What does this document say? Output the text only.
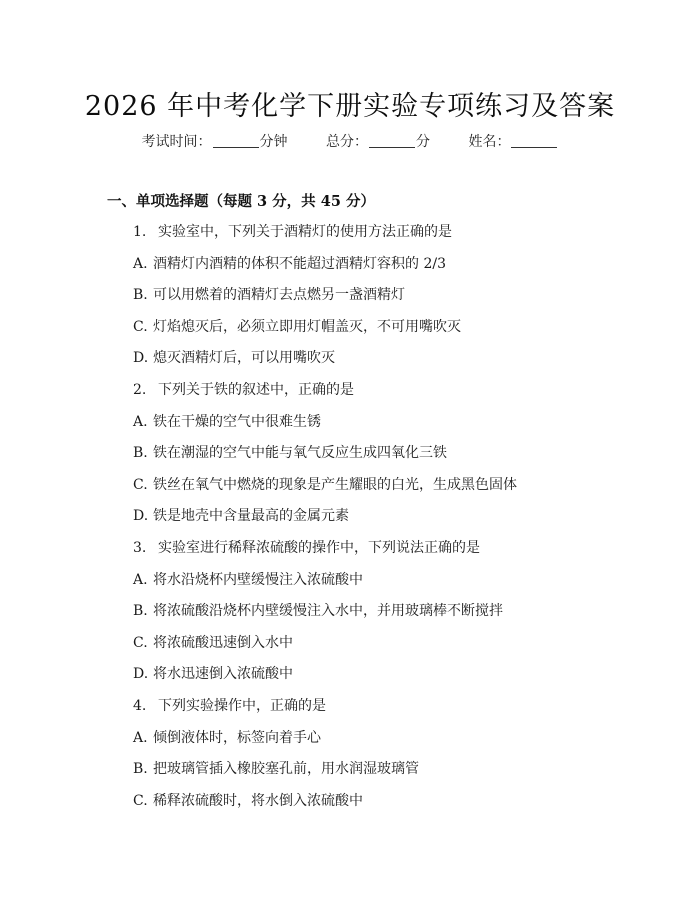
2026 年中考化学下册实验专项练习及答案
考试时间：	分钟	总分：	分	姓名：
一、单项选择题（每题 3 分，共 45 分）
1. 实验室中，下列关于酒精灯的使用方法正确的是
A. 酒精灯内酒精的体积不能超过酒精灯容积的 2/3
B. 可以用燃着的酒精灯去点燃另一盏酒精灯
C. 灯焰熄灭后，必须立即用灯帽盖灭，不可用嘴吹灭
D. 熄灭酒精灯后，可以用嘴吹灭
2. 下列关于铁的叙述中，正确的是
A. 铁在干燥的空气中很难生锈
B. 铁在潮湿的空气中能与氧气反应生成四氧化三铁
C. 铁丝在氧气中燃烧的现象是产生耀眼的白光，生成黑色固体
D. 铁是地壳中含量最高的金属元素
3. 实验室进行稀释浓硫酸的操作中，下列说法正确的是
A. 将水沿烧杯内壁缓慢注入浓硫酸中
B. 将浓硫酸沿烧杯内壁缓慢注入水中，并用玻璃棒不断搅拌
C. 将浓硫酸迅速倒入水中
D. 将水迅速倒入浓硫酸中
4. 下列实验操作中，正确的是
A. 倾倒液体时，标签向着手心
B. 把玻璃管插入橡胶塞孔前，用水润湿玻璃管
C. 稀释浓硫酸时，将水倒入浓硫酸中
